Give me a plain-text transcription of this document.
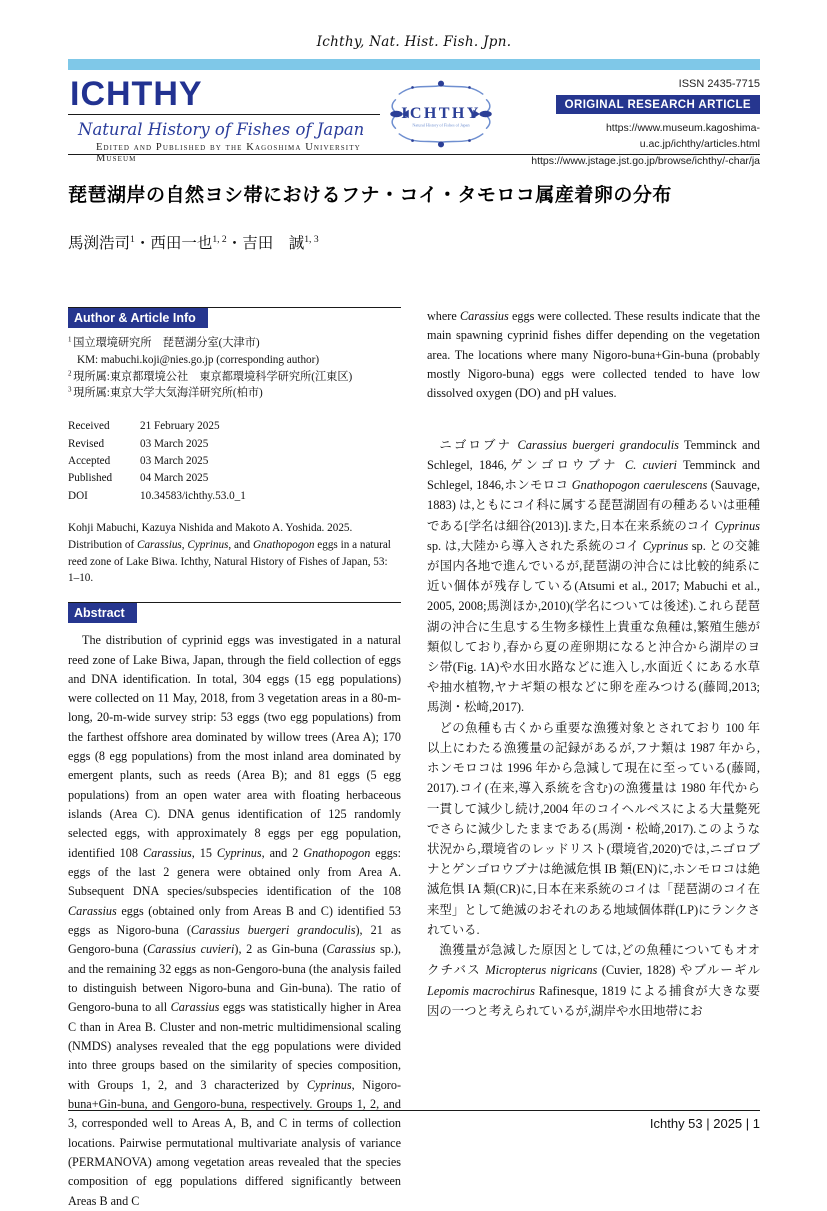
Ichthy, Nat. Hist. Fish. Jpn.
ICHTHY
Natural History of Fishes of Japan
Edited and Published by the Kagoshima University Museum
ICHTHY
Natural History of Fishes of Japan
ISSN 2435-7715
ORIGINAL RESEARCH ARTICLE
https://www.museum.kagoshima-u.ac.jp/ichthy/articles.html
https://www.jstage.jst.go.jp/browse/ichthy/-char/ja
琵琶湖岸の自然ヨシ帯におけるフナ・コイ・タモロコ属産着卵の分布
馬渕浩司$^1$・西田一也$^{1, 2}$・吉田　誠$^{1, 3}$
Author & Article Info
$^1$ 国立環境研究所　琵琶湖分室(大津市)
KM: mabuchi.koji@nies.go.jp (corresponding author)
$^2$ 現所属:東京都環境公社　東京都環境科学研究所(江東区)
$^3$ 現所属:東京大学大気海洋研究所(柏市)
Received	21 February 2025
Revised	03 March 2025
Accepted	03 March 2025
Published	04 March 2025
DOI	10.34583/ichthy.53.0_1
Kohji Mabuchi, Kazuya Nishida and Makoto A. Yoshida. 2025. Distribution of Carassius, Cyprinus, and Gnathopogon eggs in a natural reed zone of Lake Biwa. Ichthy, Natural History of Fishes of Japan, 53: 1–10.
Abstract
The distribution of cyprinid eggs was investigated in a natural reed zone of Lake Biwa, Japan, through the field collection of eggs and DNA identification. In total, 304 eggs (15 egg populations) were collected on 11 May, 2018, from 3 vegetation areas in a 80-m-long, 20-m-wide survey strip: 53 eggs (two egg populations) from the farthest offshore area dominated by willow trees (Area A); 170 eggs (8 egg populations) from the most inland area dominated by emergent plants, such as reeds (Area B); and 81 eggs (5 egg populations) from an open water area with floating herbaceous islands (Area C). DNA genus identification of 125 randomly selected eggs, with approximately 8 eggs per egg population, identified 108 Carassius, 15 Cyprinus, and 2 Gnathopogon eggs: eggs of the last 2 genera were obtained only from Area A. Subsequent DNA species/subspecies identification of the 108 Carassius eggs (obtained only from Areas B and C) identified 53 eggs as Nigoro-buna (Carassius buergeri grandoculis), 21 as Gengoro-buna (Carassius cuvieri), 2 as Gin-buna (Carassius sp.), and the remaining 32 eggs as non-Gengoro-buna (the analysis failed to distinguish between Nigoro-buna and Gin-buna). The ratio of Gengoro-buna to all Carassius eggs was statistically higher in Area C than in Area B. Cluster and non-metric multidimensional scaling (NMDS) analyses revealed that the egg populations were divided into three groups based on the similarity of species composition, with Groups 1, 2, and 3 characterized by Cyprinus, Nigoro-buna+Gin-buna, and Gengoro-buna, respectively. Groups 1, 2, and 3, corresponded well to Areas A, B, and C in terms of collection locations. Pairwise permutational multivariate analysis of variance (PERMANOVA) among vegetation areas revealed that the species composition of egg populations differed significantly between Areas B and C
where Carassius eggs were collected. These results indicate that the main spawning cyprinid fishes differ depending on the vegetation area. The locations where many Nigoro-buna+Gin-buna (probably mostly Nigoro-buna) eggs were collected tended to have low dissolved oxygen (DO) and pH values.
ニゴロブナ Carassius buergeri grandoculis Temminck and Schlegel, 1846,ゲンゴロウブナ C. cuvieri Temminck and Schlegel, 1846,ホンモロコ Gnathopogon caerulescens (Sauvage, 1883) は,ともにコイ科に属する琵琶湖固有の種あるいは亜種である[学名は細谷(2013)].また,日本在来系統のコイ Cyprinus sp. は,大陸から導入された系統のコイ Cyprinus sp. との交雑が国内各地で進んでいるが,琵琶湖の沖合には比較的純系に近い個体が残存している(Atsumi et al., 2017; Mabuchi et al., 2005, 2008;馬渕ほか,2010)(学名については後述).これら琵琶湖の沖合に生息する生物多様性上貴重な魚種は,繁殖生態が類似しており,春から夏の産卵期になると沖合から湖岸のヨシ帯(Fig. 1A)や水田水路などに進入し,水面近くにある水草や抽水植物,ヤナギ類の根などに卵を産みつける(藤岡,2013;馬渕・松崎,2017).
どの魚種も古くから重要な漁獲対象とされており 100 年以上にわたる漁獲量の記録があるが,フナ類は 1987 年から,ホンモロコは 1996 年から急減して現在に至っている(藤岡, 2017).コイ(在来,導入系統を含む)の漁獲量は 1980 年代から一貫して減少し続け,2004 年のコイヘルペスによる大量斃死でさらに減少したままである(馬渕・松崎,2017).このような状況から,環境省のレッドリスト(環境省,2020)では,ニゴロブナとゲンゴロウブナは絶滅危惧 IB 類(EN)に,ホンモロコは絶滅危惧 IA 類(CR)に,日本在来系統のコイは「琵琶湖のコイ在来型」として絶滅のおそれのある地域個体群(LP)にランクされている.
漁獲量が急減した原因としては,どの魚種についてもオオクチバス Micropterus nigricans (Cuvier, 1828) やブルーギル Lepomis macrochirus Rafinesque, 1819 による捕食が大きな要因の一つと考えられているが,湖岸や水田地帯にお
Ichthy 53 | 2025 | 1
